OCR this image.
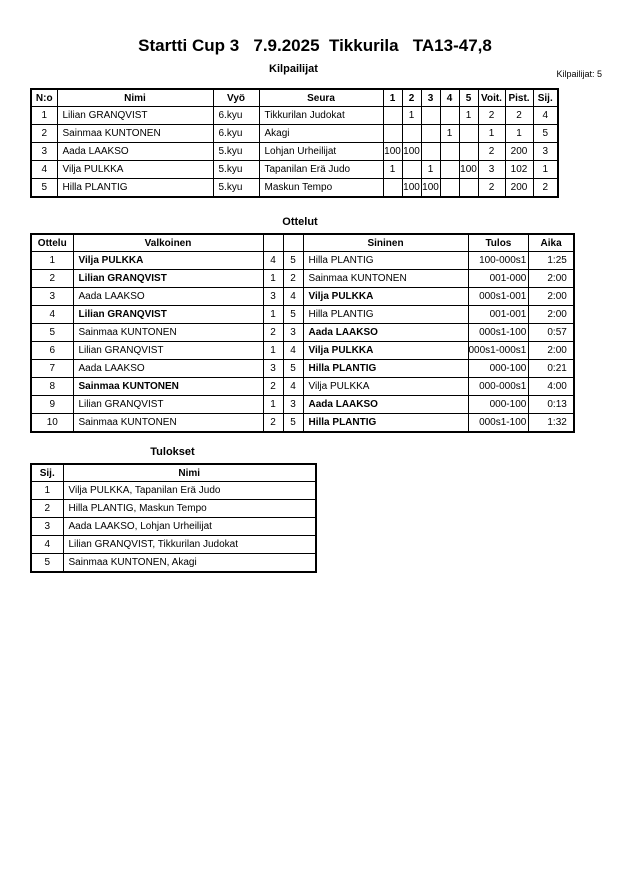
Startti Cup 3   7.9.2025  Tikkurila   TA13-47,8
Kilpailijat	Kilpailijat: 5
N:o	Nimi	Vyö	Seura	1	2	3	4	5	Voit.	Pist.	Sij.
1	Lilian GRANQVIST	6.kyu	Tikkurilan Judokat		1			1	2	2	4
2	Sainmaa KUNTONEN	6.kyu	Akagi				1		1	1	5
3	Aada LAAKSO	5.kyu	Lohjan Urheilijat	100	100				2	200	3
4	Vilja PULKKA	5.kyu	Tapanilan Erä Judo	1		1		100	3	102	1
5	Hilla PLANTIG	5.kyu	Maskun Tempo		100	100			2	200	2
Ottelut
Ottelu	Valkoinen			Sininen	Tulos	Aika
1	Vilja PULKKA	4	5	Hilla PLANTIG	100-000s1	1:25
2	Lilian GRANQVIST	1	2	Sainmaa KUNTONEN	001-000	2:00
3	Aada LAAKSO	3	4	Vilja PULKKA	000s1-001	2:00
4	Lilian GRANQVIST	1	5	Hilla PLANTIG	001-001	2:00
5	Sainmaa KUNTONEN	2	3	Aada LAAKSO	000s1-100	0:57
6	Lilian GRANQVIST	1	4	Vilja PULKKA	000s1-000s1	2:00
7	Aada LAAKSO	3	5	Hilla PLANTIG	000-100	0:21
8	Sainmaa KUNTONEN	2	4	Vilja PULKKA	000-000s1	4:00
9	Lilian GRANQVIST	1	3	Aada LAAKSO	000-100	0:13
10	Sainmaa KUNTONEN	2	5	Hilla PLANTIG	000s1-100	1:32
Tulokset
Sij.	Nimi
1	Vilja PULKKA, Tapanilan Erä Judo
2	Hilla PLANTIG, Maskun Tempo
3	Aada LAAKSO, Lohjan Urheilijat
4	Lilian GRANQVIST, Tikkurilan Judokat
5	Sainmaa KUNTONEN, Akagi
